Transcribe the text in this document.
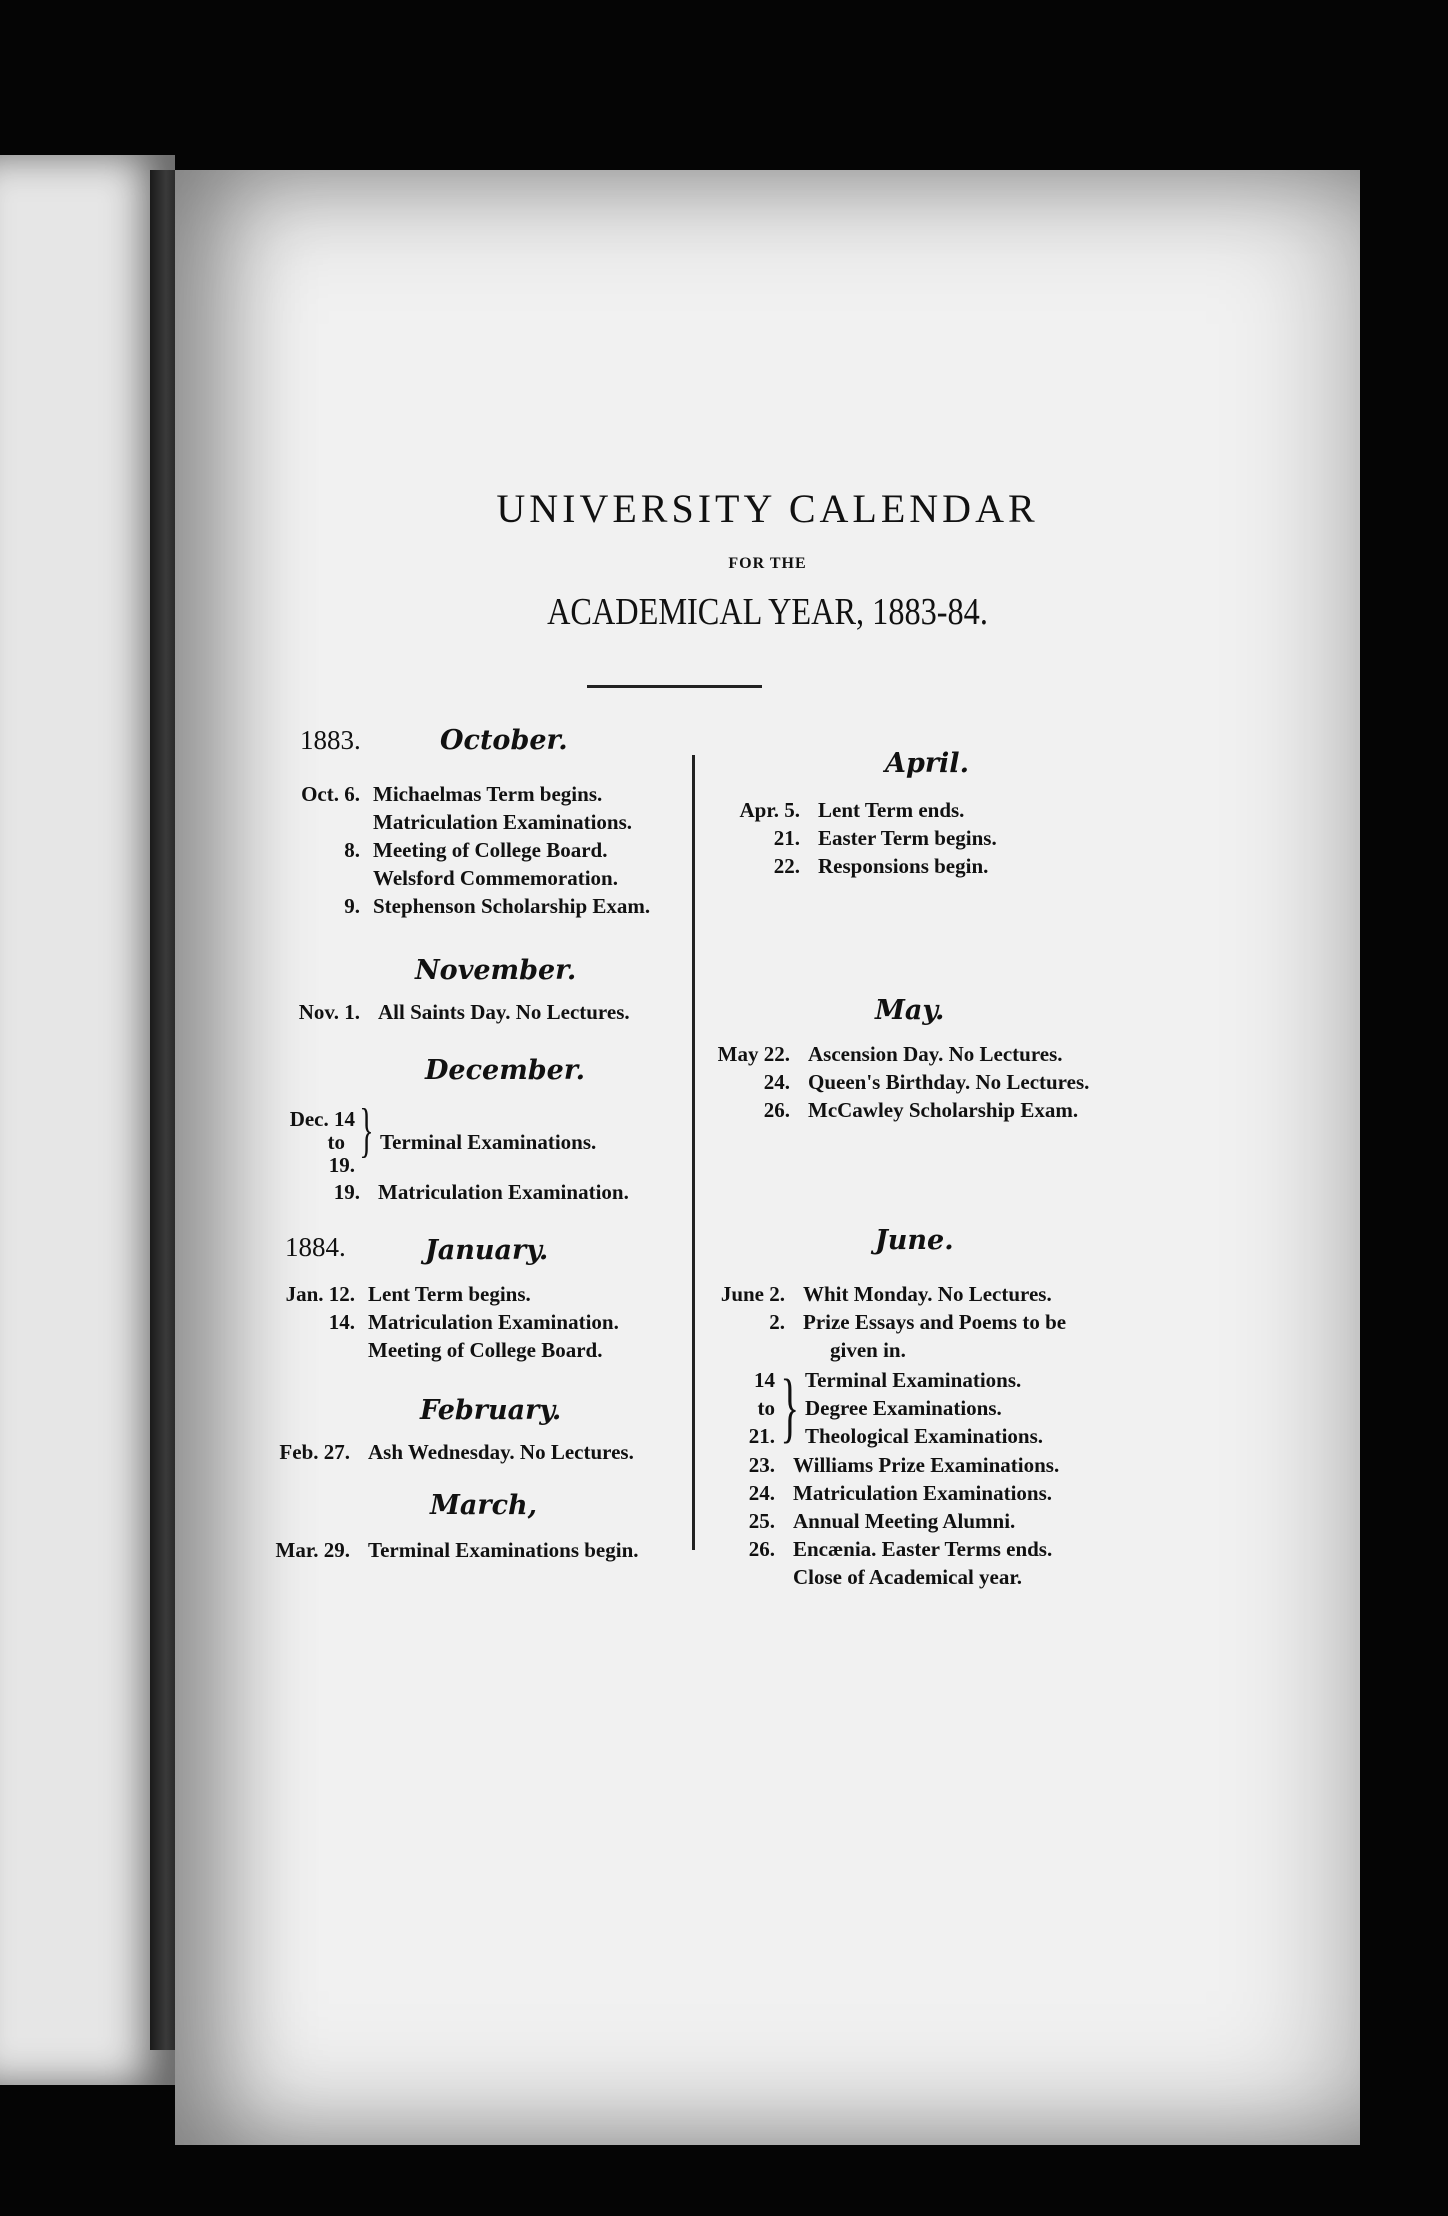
UNIVERSITY CALENDAR
FOR THE
ACADEMICAL YEAR, 1883-84.
1883.	October.
Oct. 6. Michaelmas Term begins.
Matriculation Examinations.
8. Meeting of College Board.
Welsford Commemoration.
9. Stephenson Scholarship Exam.
November.
Nov. 1. All Saints Day. No Lectures.
December.
Dec. 14
to
19.
} Terminal Examinations.
19. Matriculation Examination.
1884.	January.
Jan. 12. Lent Term begins.
14. Matriculation Examination.
Meeting of College Board.
February.
Feb. 27. Ash Wednesday. No Lectures.
March,
Mar. 29. Terminal Examinations begin.
April.
Apr. 5. Lent Term ends.
21. Easter Term begins.
22. Responsions begin.
May.
May 22. Ascension Day. No Lectures.
24. Queen's Birthday. No Lectures.
26. McCawley Scholarship Exam.
June.
June 2. Whit Monday. No Lectures.
2. Prize Essays and Poems to be
given in.
14
to
21. } Terminal Examinations.
Degree Examinations.
Theological Examinations.
23. Williams Prize Examinations.
24. Matriculation Examinations.
25. Annual Meeting Alumni.
26. Encænia. Easter Terms ends.
Close of Academical year.
